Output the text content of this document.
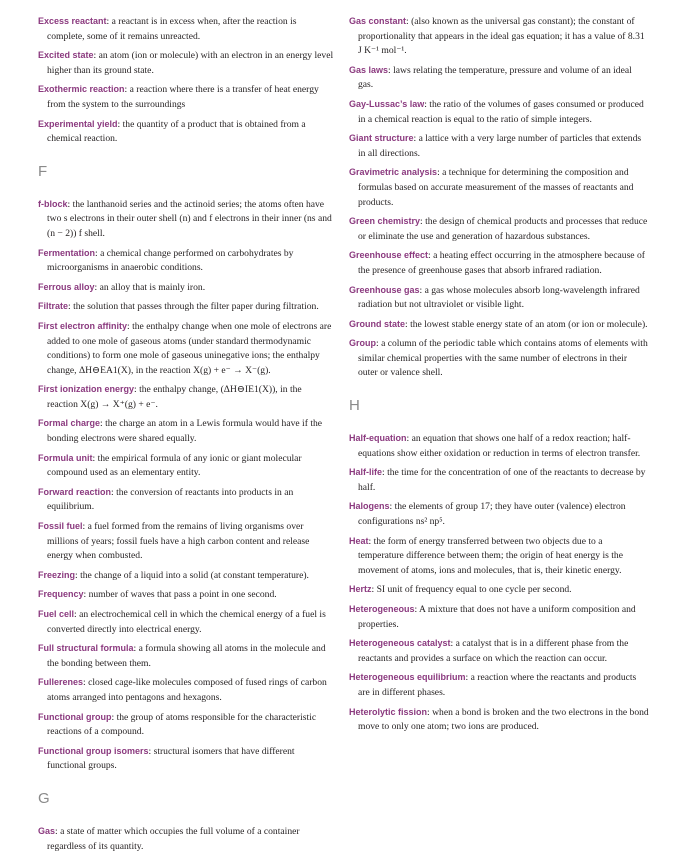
Excess reactant: a reactant is in excess when, after the reaction is complete, some of it remains unreacted.
Excited state: an atom (ion or molecule) with an electron in an energy level higher than its ground state.
Exothermic reaction: a reaction where there is a transfer of heat energy from the system to the surroundings
Experimental yield: the quantity of a product that is obtained from a chemical reaction.
F
f-block: the lanthanoid series and the actinoid series; the atoms often have two s electrons in their outer shell (n) and f electrons in their inner (ns and (n − 2)) f shell.
Fermentation: a chemical change performed on carbohydrates by microorganisms in anaerobic conditions.
Ferrous alloy: an alloy that is mainly iron.
Filtrate: the solution that passes through the filter paper during filtration.
First electron affinity: the enthalpy change when one mole of electrons are added to one mole of gaseous atoms (under standard thermodynamic conditions) to form one mole of gaseous uninegative ions; the enthalpy change, ΔH⊖EA1(X), in the reaction X(g) + e⁻ → X⁻(g).
First ionization energy: the enthalpy change, (ΔH⊖IE1(X)), in the reaction X(g) → X⁺(g) + e⁻.
Formal charge: the charge an atom in a Lewis formula would have if the bonding electrons were shared equally.
Formula unit: the empirical formula of any ionic or giant molecular compound used as an elementary entity.
Forward reaction: the conversion of reactants into products in an equilibrium.
Fossil fuel: a fuel formed from the remains of living organisms over millions of years; fossil fuels have a high carbon content and release energy when combusted.
Freezing: the change of a liquid into a solid (at constant temperature).
Frequency: number of waves that pass a point in one second.
Fuel cell: an electrochemical cell in which the chemical energy of a fuel is converted directly into electrical energy.
Full structural formula: a formula showing all atoms in the molecule and the bonding between them.
Fullerenes: closed cage-like molecules composed of fused rings of carbon atoms arranged into pentagons and hexagons.
Functional group: the group of atoms responsible for the characteristic reactions of a compound.
Functional group isomers: structural isomers that have different functional groups.
G
Gas: a state of matter which occupies the full volume of a container regardless of its quantity.
Gas constant: (also known as the universal gas constant); the constant of proportionality that appears in the ideal gas equation; it has a value of 8.31 J K⁻¹ mol⁻¹.
Gas laws: laws relating the temperature, pressure and volume of an ideal gas.
Gay-Lussac’s law: the ratio of the volumes of gases consumed or produced in a chemical reaction is equal to the ratio of simple integers.
Giant structure: a lattice with a very large number of particles that extends in all directions.
Gravimetric analysis: a technique for determining the composition and formulas based on accurate measurement of the masses of reactants and products.
Green chemistry: the design of chemical products and processes that reduce or eliminate the use and generation of hazardous substances.
Greenhouse effect: a heating effect occurring in the atmosphere because of the presence of greenhouse gases that absorb infrared radiation.
Greenhouse gas: a gas whose molecules absorb long-wavelength infrared radiation but not ultraviolet or visible light.
Ground state: the lowest stable energy state of an atom (or ion or molecule).
Group: a column of the periodic table which contains atoms of elements with similar chemical properties with the same number of electrons in their outer or valence shell.
H
Half-equation: an equation that shows one half of a redox reaction; half-equations show either oxidation or reduction in terms of electron transfer.
Half-life: the time for the concentration of one of the reactants to decrease by half.
Halogens: the elements of group 17; they have outer (valence) electron configurations ns² np⁵.
Heat: the form of energy transferred between two objects due to a temperature difference between them; the origin of heat energy is the movement of atoms, ions and molecules, that is, their kinetic energy.
Hertz: SI unit of frequency equal to one cycle per second.
Heterogeneous: A mixture that does not have a uniform composition and properties.
Heterogeneous catalyst: a catalyst that is in a different phase from the reactants and provides a surface on which the reaction can occur.
Heterogeneous equilibrium: a reaction where the reactants and products are in different phases.
Heterolytic fission: when a bond is broken and the two electrons in the bond move to only one atom; two ions are produced.
